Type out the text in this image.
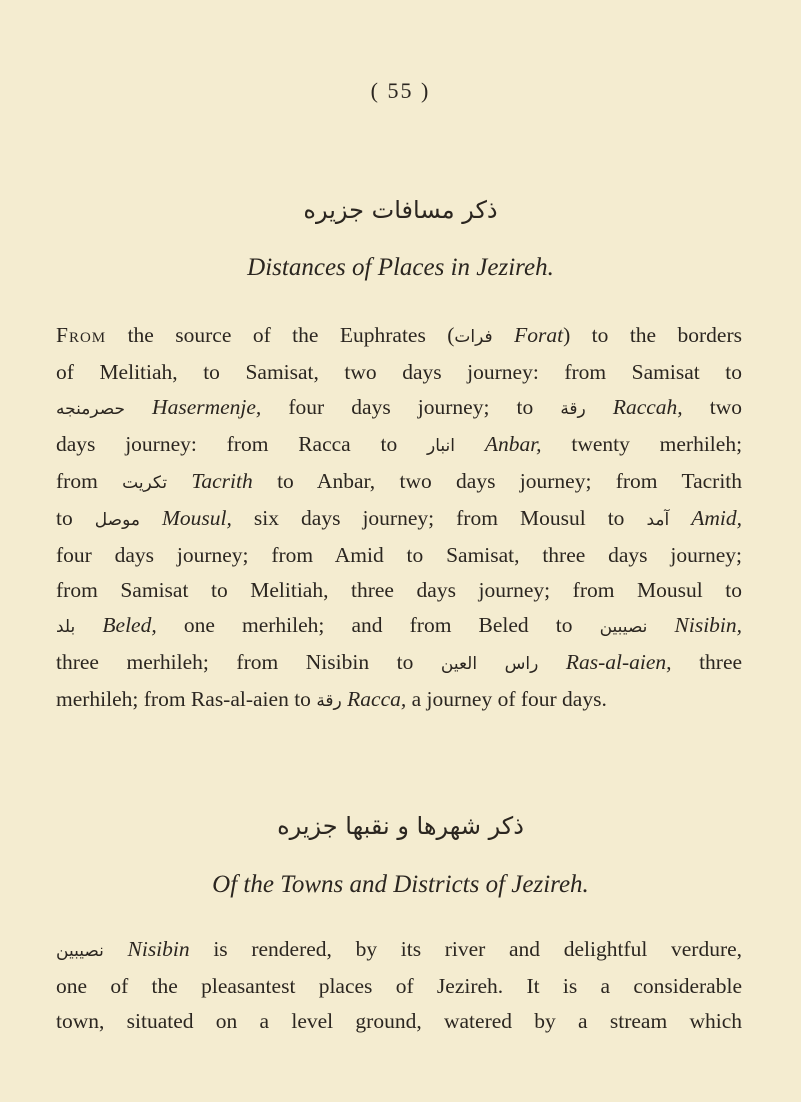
( 55 )
ذكر مسافات جزيره
Distances of Places in Jezireh.
From the source of the Euphrates (فرات Forat) to the borders
of Melitiah, to Samisat, two days journey: from Samisat to
حصرمنجه Hasermenje, four days journey; to رقة Raccah, two
days journey: from Racca to انبار Anbar, twenty merhileh;
from تكريت Tacrith to Anbar, two days journey; from Tacrith
to موصل Mousul, six days journey; from Mousul to آمد Amid,
four days journey; from Amid to Samisat, three days journey;
from Samisat to Melitiah, three days journey; from Mousul to
بلد Beled, one merhileh; and from Beled to نصيبين Nisibin,
three merhileh; from Nisibin to راس العين Ras-al-aien, three
merhileh; from Ras-al-aien to رقة Racca, a journey of four days.
ذكر شهرها و نقبها جزيره
Of the Towns and Districts of Jezireh.
نصيبين Nisibin is rendered, by its river and delightful verdure,
one of the pleasantest places of Jezireh. It is a considerable
town, situated on a level ground, watered by a stream which
